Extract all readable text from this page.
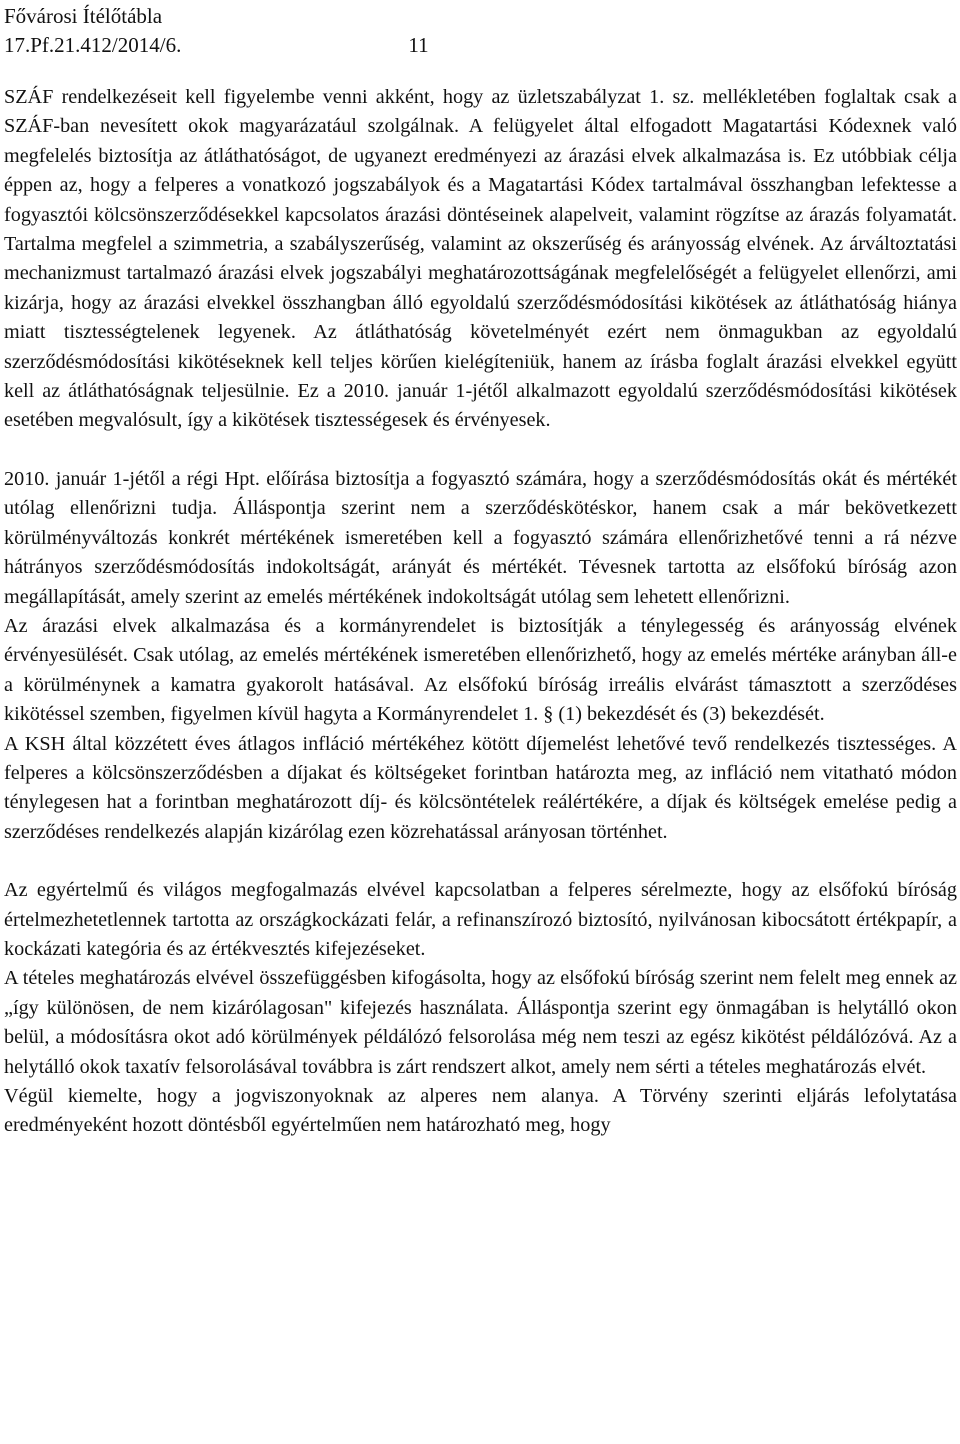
Fővárosi Ítélőtábla
17.Pf.21.412/2014/6.	11

SZÁF rendelkezéseit kell figyelembe venni akként, hogy az üzletszabályzat 1. sz. mellékletében foglaltak csak a SZÁF-ban nevesített okok magyarázatául szolgálnak. A felügyelet által elfogadott Magatartási Kódexnek való megfelelés biztosítja az átláthatóságot, de ugyanezt eredményezi az árazási elvek alkalmazása is. Ez utóbbiak célja éppen az, hogy a felperes a vonatkozó jogszabályok és a Magatartási Kódex tartalmával összhangban lefektesse a fogyasztói kölcsönszerződésekkel kapcsolatos árazási döntéseinek alapelveit, valamint rögzítse az árazás folyamatát. Tartalma megfelel a szimmetria, a szabályszerűség, valamint az okszerűség és arányosság elvének. Az árváltoztatási mechanizmust tartalmazó árazási elvek jogszabályi meghatározottságának megfelelőségét a felügyelet ellenőrzi, ami kizárja, hogy az árazási elvekkel összhangban álló egyoldalú szerződésmódosítási kikötések az átláthatóság hiánya miatt tisztességtelenek legyenek. Az átláthatóság követelményét ezért nem önmagukban az egyoldalú szerződésmódosítási kikötéseknek kell teljes körűen kielégíteniük, hanem az írásba foglalt árazási elvekkel együtt kell az átláthatóságnak teljesülnie. Ez a 2010. január 1-jétől alkalmazott egyoldalú szerződésmódosítási kikötések esetében megvalósult, így a kikötések tisztességesek és érvényesek.

2010. január 1-jétől a régi Hpt. előírása biztosítja a fogyasztó számára, hogy a szerződésmódosítás okát és mértékét utólag ellenőrizni tudja. Álláspontja szerint nem a szerződéskötéskor, hanem csak a már bekövetkezett körülményváltozás konkrét mértékének ismeretében kell a fogyasztó számára ellenőrizhetővé tenni a rá nézve hátrányos szerződésmódosítás indokoltságát, arányát és mértékét. Tévesnek tartotta az elsőfokú bíróság azon megállapítását, amely szerint az emelés mértékének indokoltságát utólag sem lehetett ellenőrizni.

Az árazási elvek alkalmazása és a kormányrendelet is biztosítják a ténylegesség és arányosság elvének érvényesülését. Csak utólag, az emelés mértékének ismeretében ellenőrizhető, hogy az emelés mértéke arányban áll-e a körülménynek a kamatra gyakorolt hatásával. Az elsőfokú bíróság irreális elvárást támasztott a szerződéses kikötéssel szemben, figyelmen kívül hagyta a Kormányrendelet 1. § (1) bekezdését és (3) bekezdését.

A KSH által közzétett éves átlagos infláció mértékéhez kötött díjemelést lehetővé tevő rendelkezés tisztességes. A felperes a kölcsönszerződésben a díjakat és költségeket forintban határozta meg, az infláció nem vitatható módon ténylegesen hat a forintban meghatározott díj- és kölcsöntételek reálértékére, a díjak és költségek emelése pedig a szerződéses rendelkezés alapján kizárólag ezen közrehatással arányosan történhet.

Az egyértelmű és világos megfogalmazás elvével kapcsolatban a felperes sérelmezte, hogy az elsőfokú bíróság értelmezhetetlennek tartotta az országkockázati felár, a refinanszírozó biztosító, nyilvánosan kibocsátott értékpapír, a kockázati kategória és az értékvesztés kifejezéseket.

A tételes meghatározás elvével összefüggésben kifogásolta, hogy az elsőfokú bíróság szerint nem felelt meg ennek az „így különösen, de nem kizárólagosan" kifejezés használata. Álláspontja szerint egy önmagában is helytálló okon belül, a módosításra okot adó körülmények példálózó felsorolása még nem teszi az egész kikötést példálózóvá. Az a helytálló okok taxatív felsorolásával továbbra is zárt rendszert alkot, amely nem sérti a tételes meghatározás elvét.

Végül kiemelte, hogy a jogviszonyoknak az alperes nem alanya. A Törvény szerinti eljárás lefolytatása eredményeként hozott döntésből egyértelműen nem határozható meg, hogy
